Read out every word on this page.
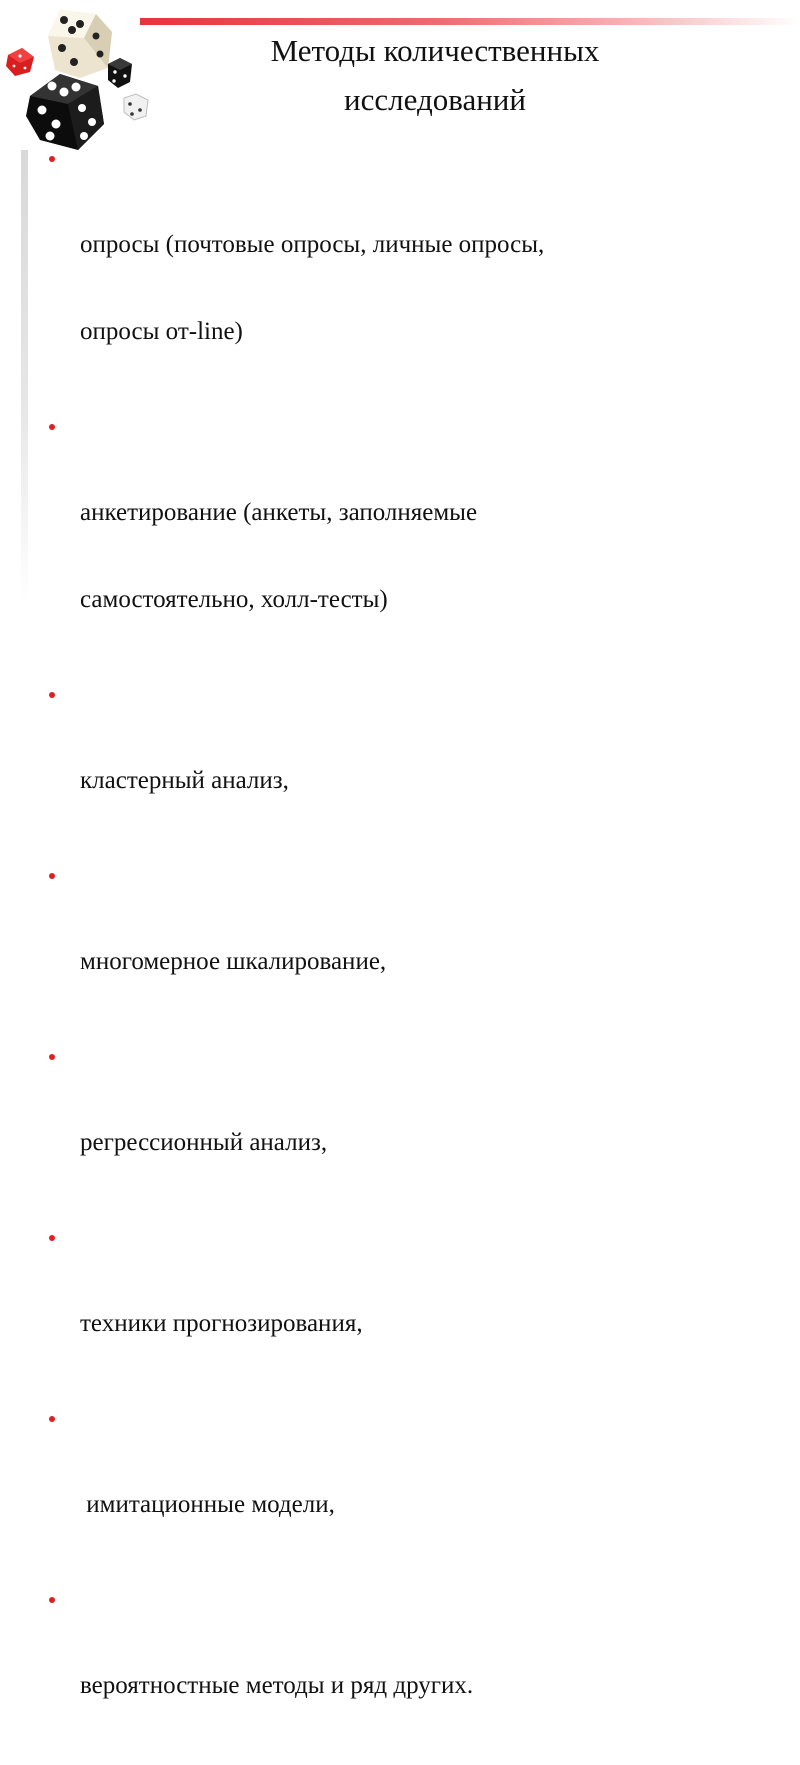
Методы количественных
исследований

опросы (почтовые опросы, личные опросы,

опросы от-line)

анкетирование (анкеты, заполняемые

самостоятельно, холл-тесты)

кластерный анализ,

многомерное шкалирование,

регрессионный анализ,

техники прогнозирования,

имитационные модели,

вероятностные методы и ряд других.
